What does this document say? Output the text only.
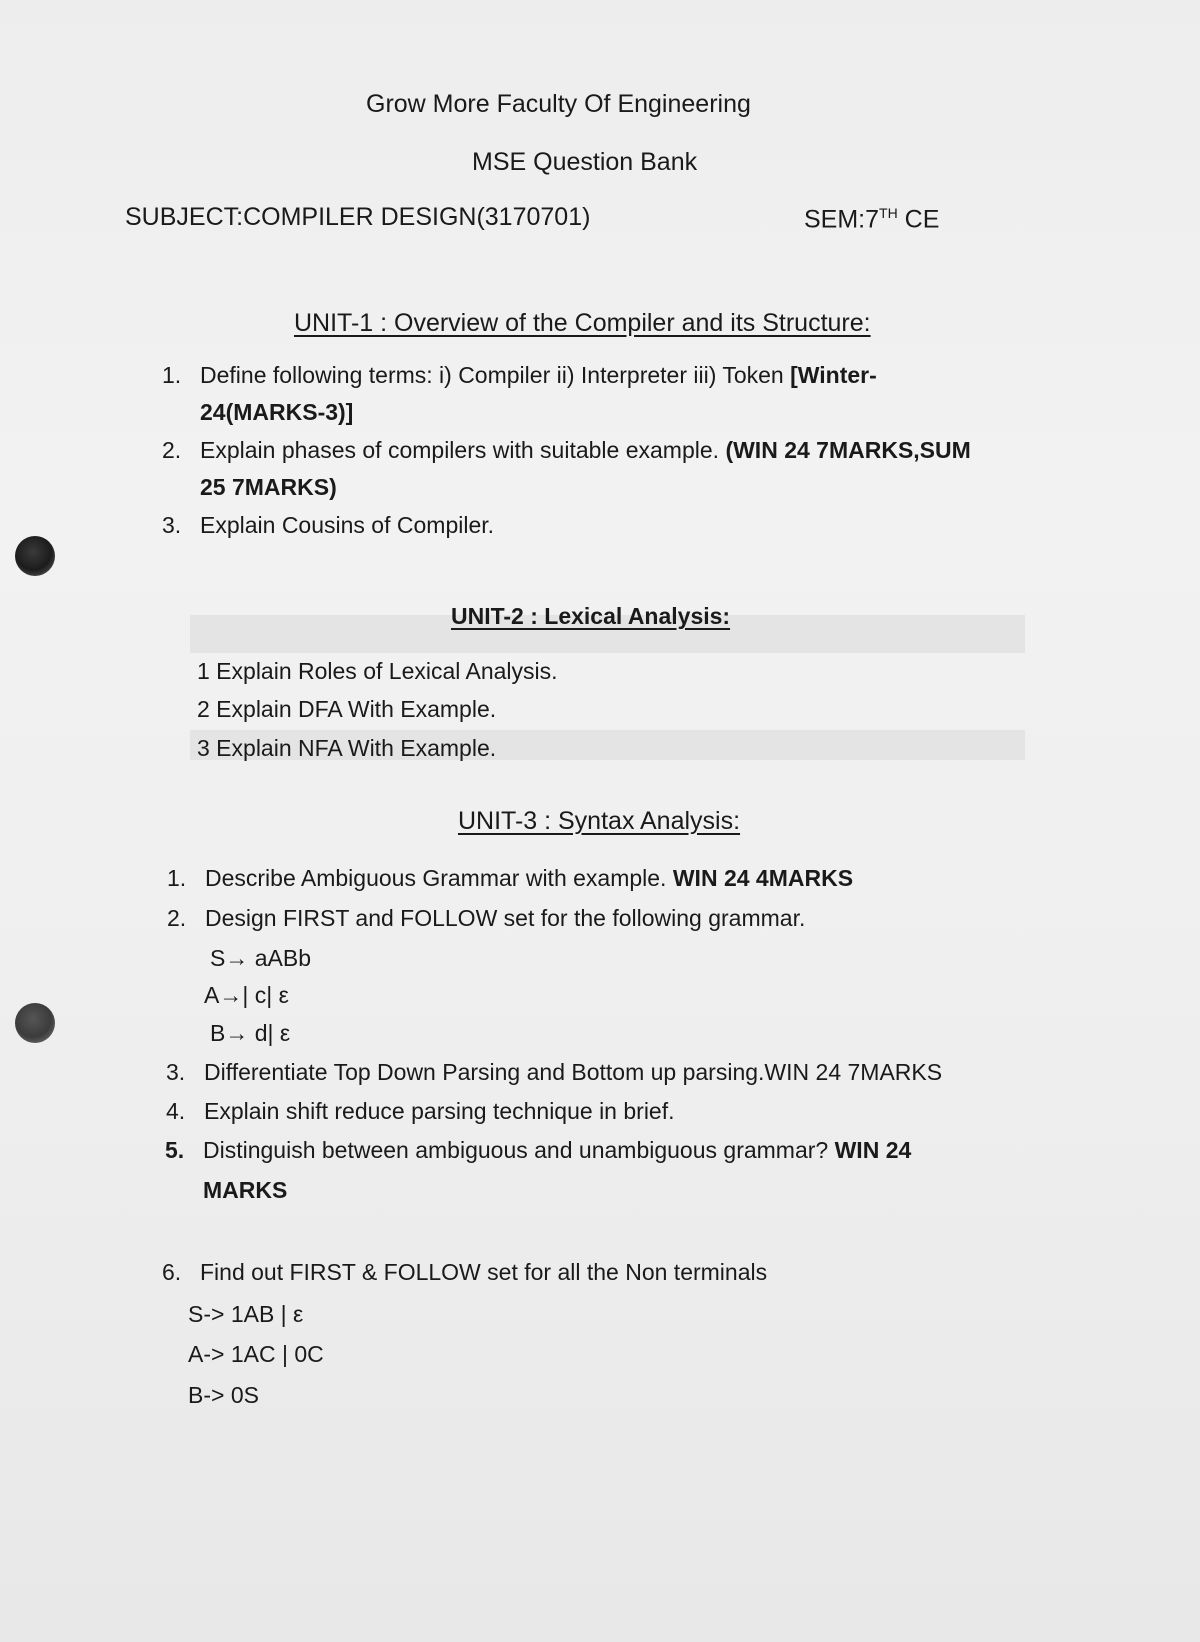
Grow More Faculty Of Engineering
MSE Question Bank
SUBJECT:COMPILER DESIGN(3170701)	SEM:7TH CE
UNIT-1 : Overview of the Compiler and its Structure:
1. Define following terms: i) Compiler ii) Interpreter iii) Token [Winter-
24(MARKS-3)]
2. Explain phases of compilers with suitable example. (WIN 24 7MARKS,SUM
25 7MARKS)
3. Explain Cousins of Compiler.
UNIT-2 : Lexical Analysis:
1 Explain Roles of Lexical Analysis.
2 Explain DFA With Example.
3 Explain NFA With Example.
UNIT-3 : Syntax Analysis:
1. Describe Ambiguous Grammar with example. WIN 24 4MARKS
2. Design FIRST and FOLLOW set for the following grammar.
S→ aABb
A→| c| ε
B→ d| ε
3. Differentiate Top Down Parsing and Bottom up parsing.WIN 24 7MARKS
4. Explain shift reduce parsing technique in brief.
5. Distinguish between ambiguous and unambiguous grammar? WIN 24
MARKS
6. Find out FIRST & FOLLOW set for all the Non terminals
S-> 1AB | ε
A-> 1AC | 0C
B-> 0S
